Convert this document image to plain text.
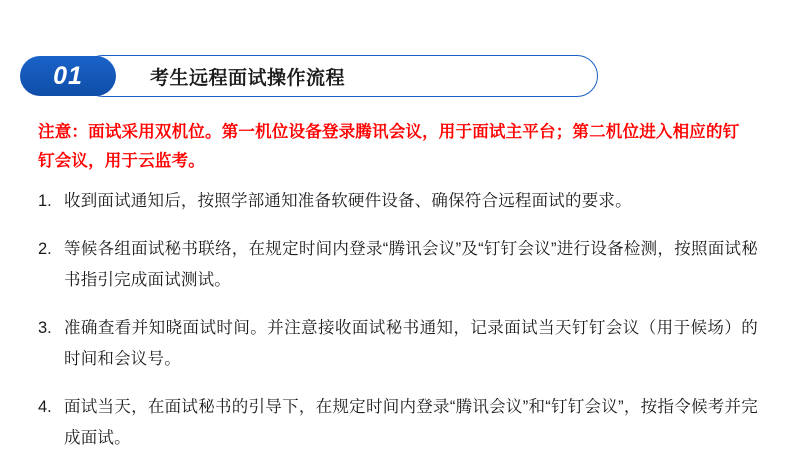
01	考生远程面试操作流程
注意：面试采用双机位。第一机位设备登录腾讯会议，用于面试主平台；第二机位进入相应的钉钉会议，用于云监考。
1. 收到面试通知后，按照学部通知准备软硬件设备、确保符合远程面试的要求。
2. 等候各组面试秘书联络，在规定时间内登录“腾讯会议”及“钉钉会议”进行设备检测，按照面试秘书指引完成面试测试。
3. 准确查看并知晓面试时间。并注意接收面试秘书通知，记录面试当天钉钉会议（用于候场）的时间和会议号。
4. 面试当天，在面试秘书的引导下，在规定时间内登录“腾讯会议”和“钉钉会议”，按指令候考并完成面试。
